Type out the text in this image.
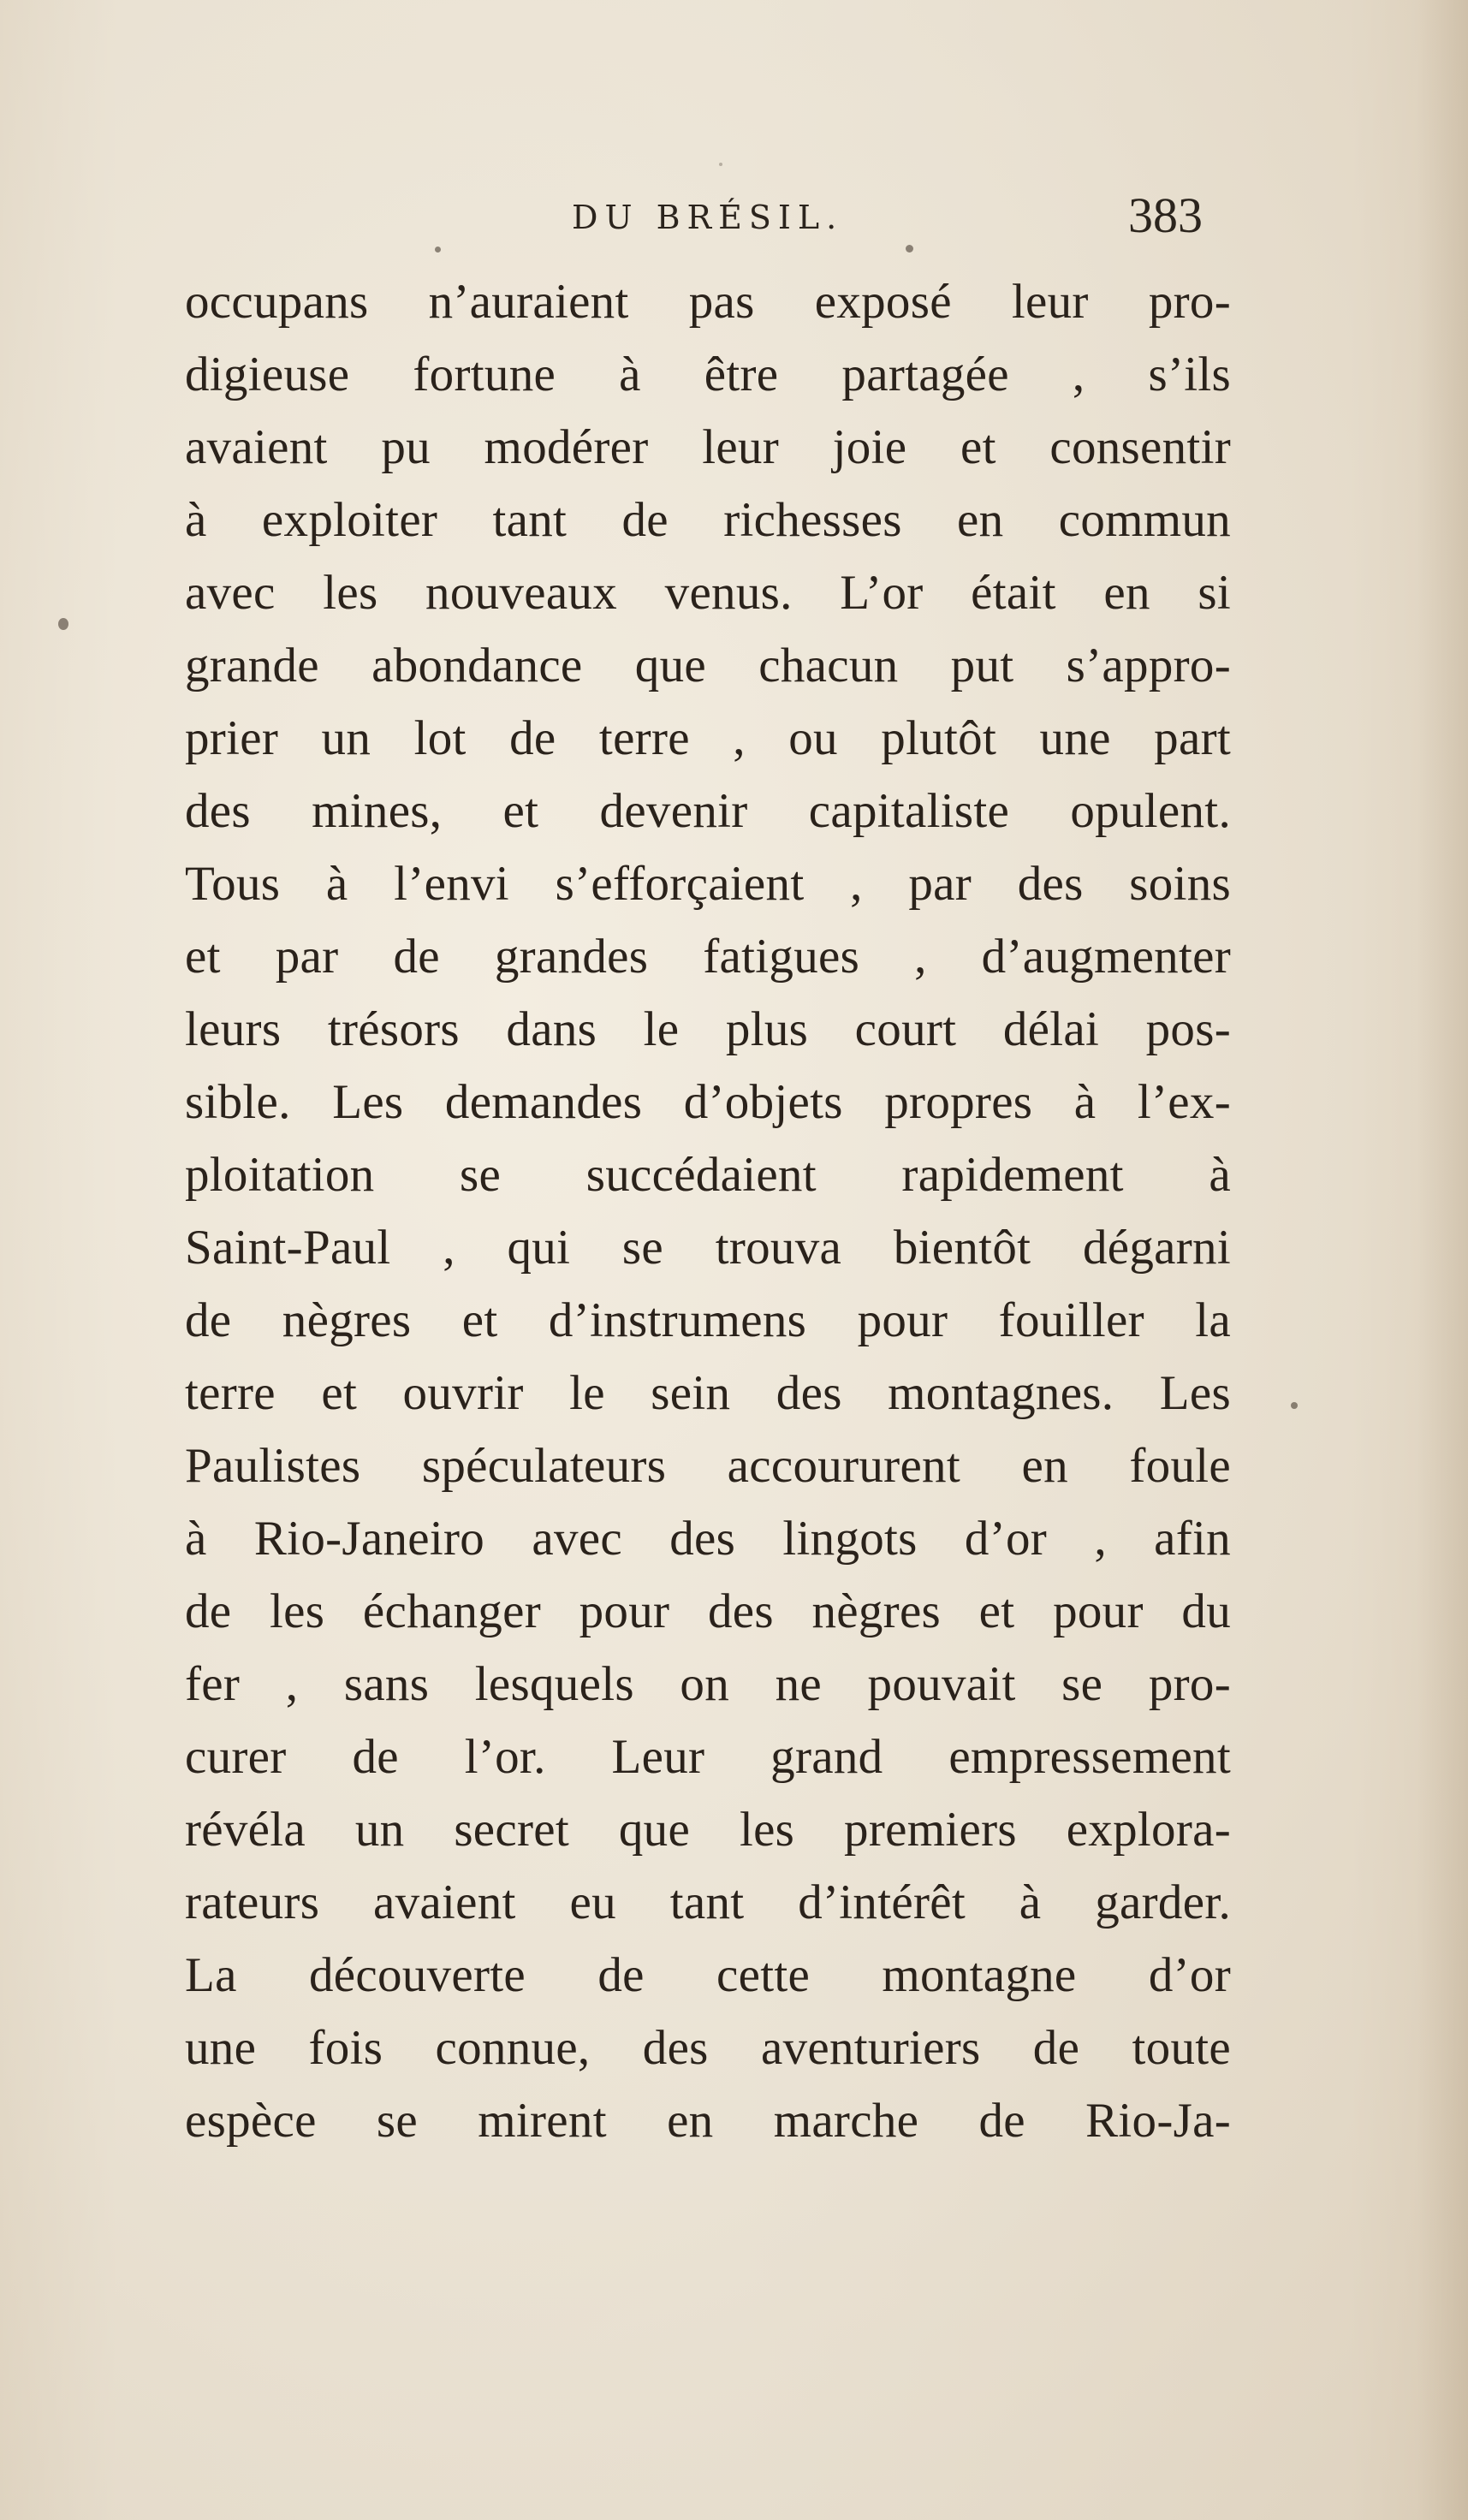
DU BRÉSIL.	383
occupans n’auraient pas exposé leur pro-
digieuse fortune à être partagée , s’ils
avaient pu modérer leur joie et consentir
à exploiter tant de richesses en commun
avec les nouveaux venus. L’or était en si
grande abondance que chacun put s’appro-
prier un lot de terre , ou plutôt une part
des mines, et devenir capitaliste opulent.
Tous à l’envi s’efforçaient , par des soins
et par de grandes fatigues , d’augmenter
leurs trésors dans le plus court délai pos-
sible. Les demandes d’objets propres à l’ex-
ploitation se succédaient rapidement à
Saint-Paul , qui se trouva bientôt dégarni
de nègres et d’instrumens pour fouiller la
terre et ouvrir le sein des montagnes. Les
Paulistes spéculateurs accoururent en foule
à Rio-Janeiro avec des lingots d’or , afin
de les échanger pour des nègres et pour du
fer , sans lesquels on ne pouvait se pro-
curer de l’or. Leur grand empressement
révéla un secret que les premiers explora-
rateurs avaient eu tant d’intérêt à garder.
La découverte de cette montagne d’or
une fois connue, des aventuriers de toute
espèce se mirent en marche de Rio-Ja-
